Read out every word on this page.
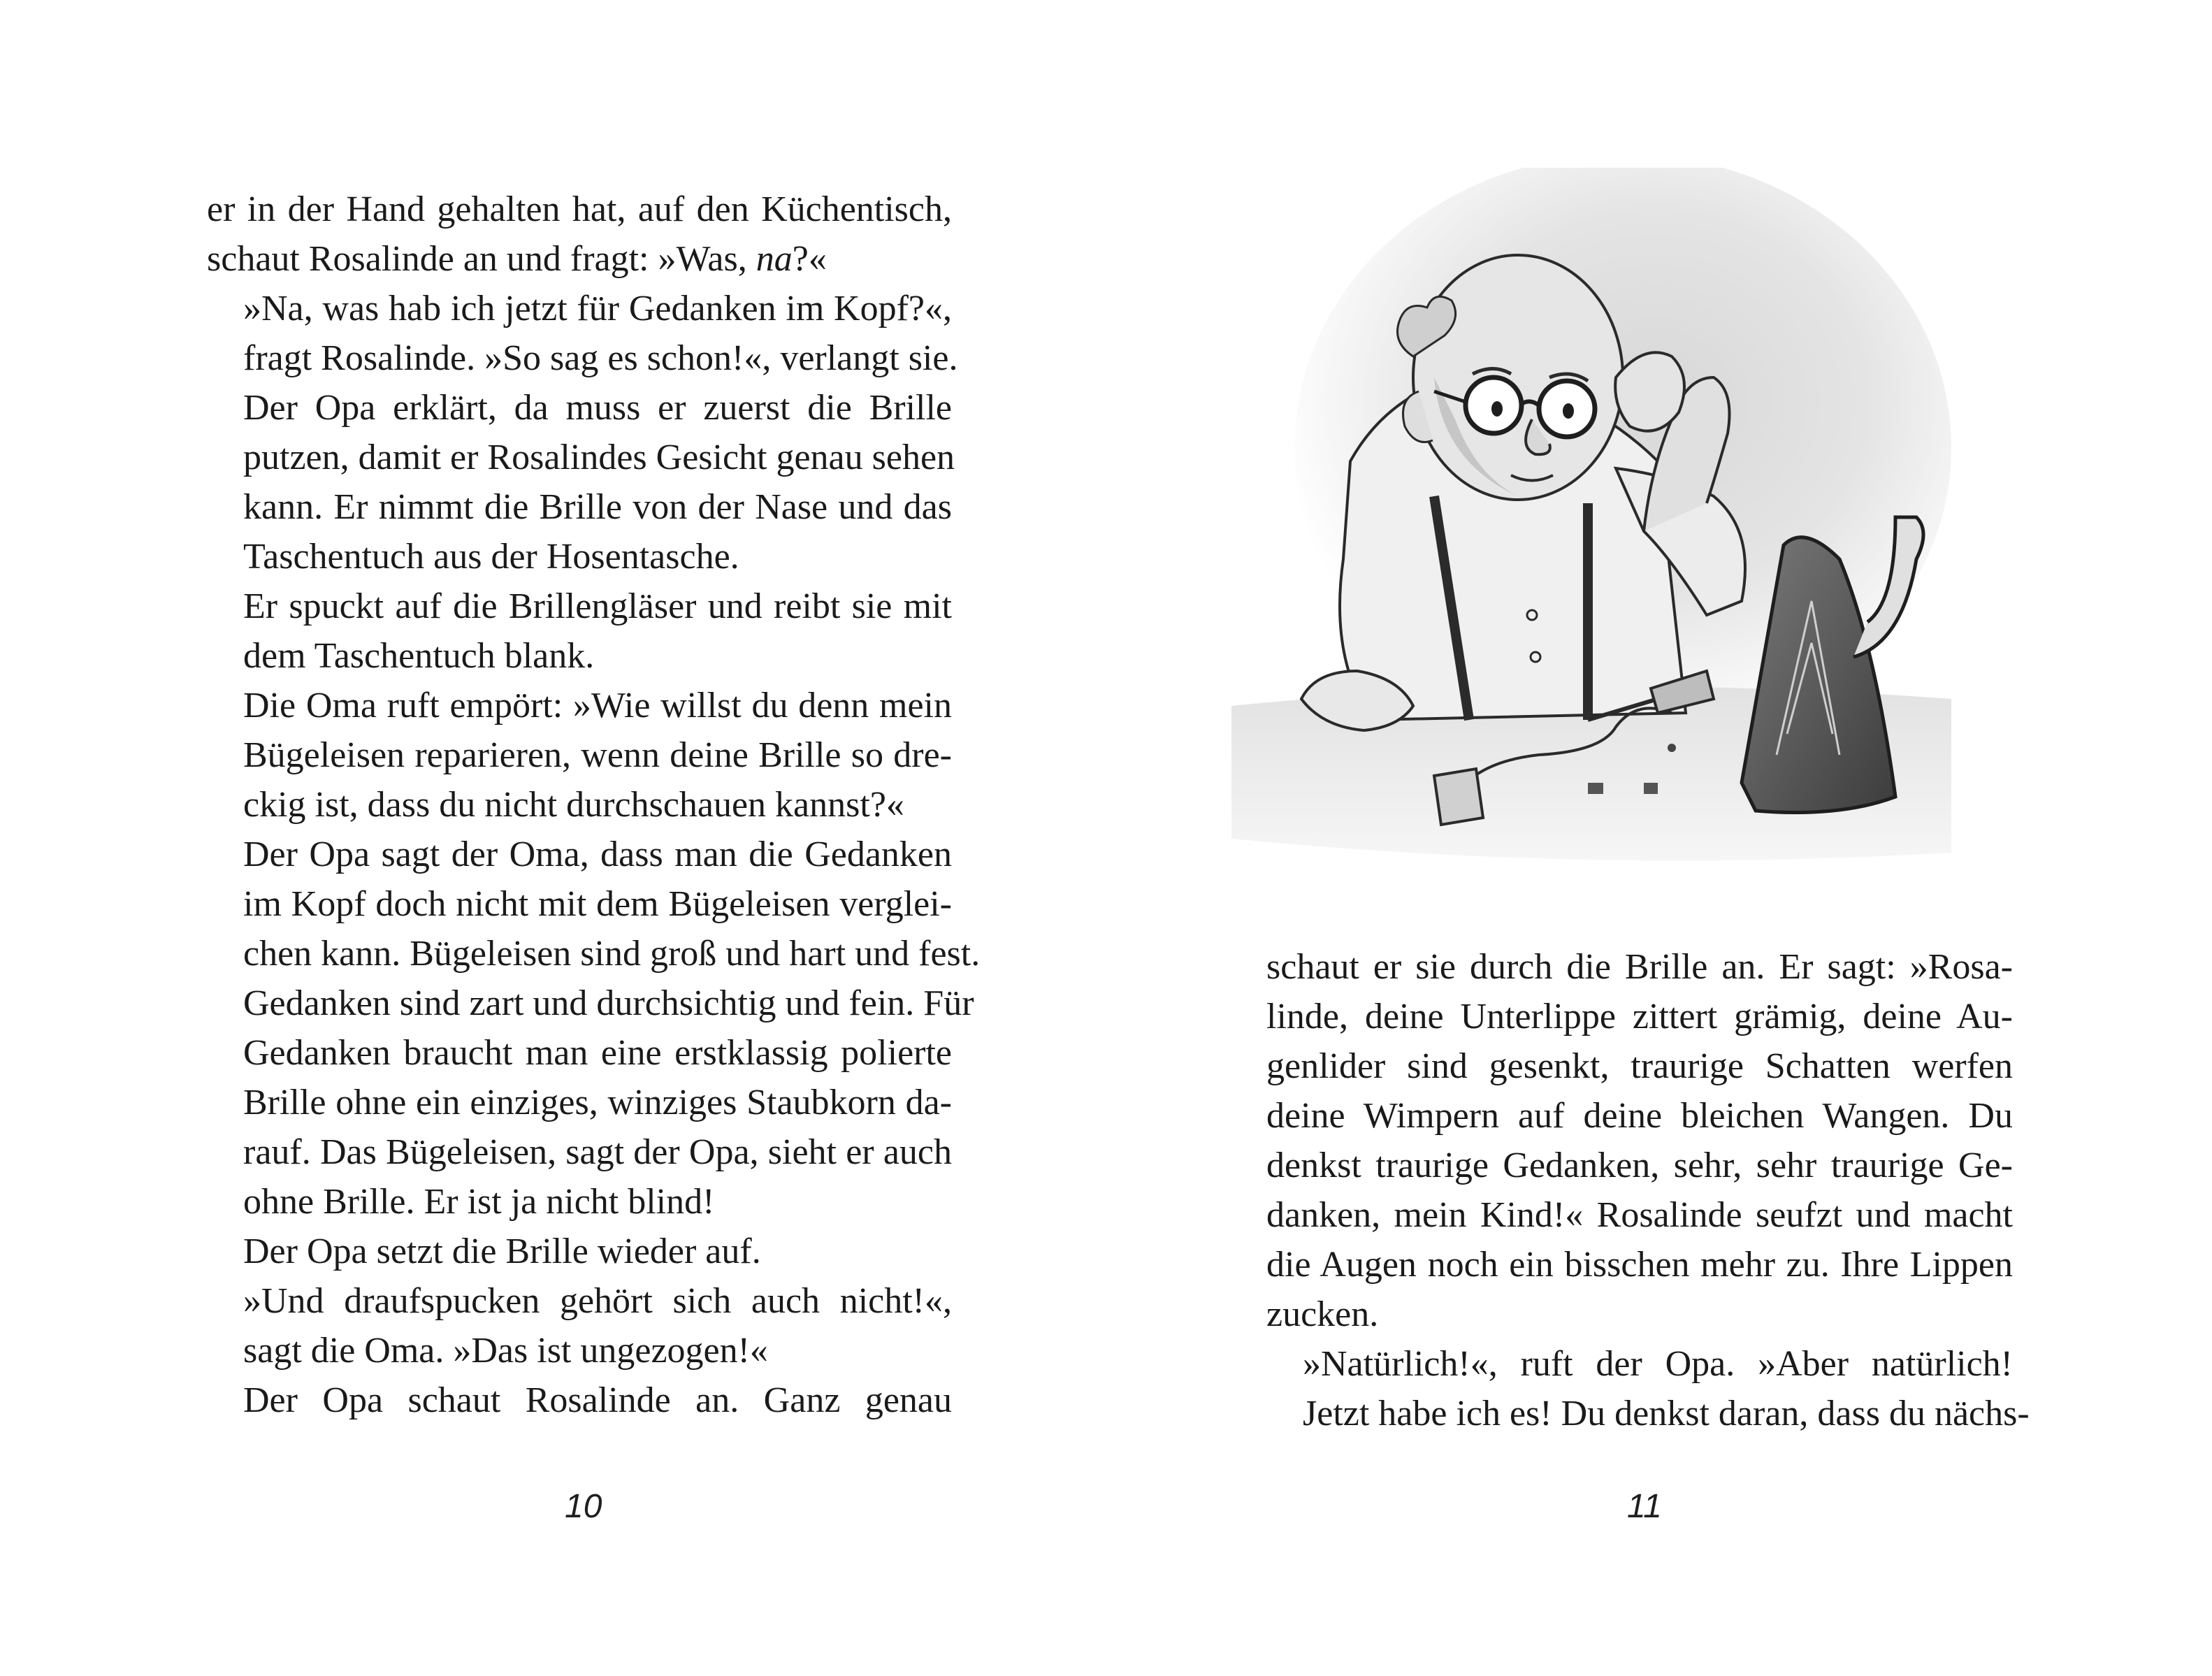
er in der Hand gehalten hat, auf den Küchentisch,
schaut Rosalinde an und fragt: »Was, na?«
»Na, was hab ich jetzt für Gedanken im Kopf?«,
fragt Rosalinde. »So sag es schon!«, verlangt sie.
Der Opa erklärt, da muss er zuerst die Brille
putzen, damit er Rosalindes Gesicht genau sehen
kann. Er nimmt die Brille von der Nase und das
Taschentuch aus der Hosentasche.
Er spuckt auf die Brillengläser und reibt sie mit
dem Taschentuch blank.
Die Oma ruft empört: »Wie willst du denn mein
Bügeleisen reparieren, wenn deine Brille so dre-
ckig ist, dass du nicht durchschauen kannst?«
Der Opa sagt der Oma, dass man die Gedanken
im Kopf doch nicht mit dem Bügeleisen verglei-
chen kann. Bügeleisen sind groß und hart und fest.
Gedanken sind zart und durchsichtig und fein. Für
Gedanken braucht man eine erstklassig polierte
Brille ohne ein einziges, winziges Staubkorn da-
rauf. Das Bügeleisen, sagt der Opa, sieht er auch
ohne Brille. Er ist ja nicht blind!
Der Opa setzt die Brille wieder auf.
»Und draufspucken gehört sich auch nicht!«,
sagt die Oma. »Das ist ungezogen!«
Der Opa schaut Rosalinde an. Ganz genau
10
schaut er sie durch die Brille an. Er sagt: »Rosa-
linde, deine Unterlippe zittert grämig, deine Au-
genlider sind gesenkt, traurige Schatten werfen
deine Wimpern auf deine bleichen Wangen. Du
denkst traurige Gedanken, sehr, sehr traurige Ge-
danken, mein Kind!« Rosalinde seufzt und macht
die Augen noch ein bisschen mehr zu. Ihre Lippen
zucken.
»Natürlich!«, ruft der Opa. »Aber natürlich!
Jetzt habe ich es! Du denkst daran, dass du nächs-
11
